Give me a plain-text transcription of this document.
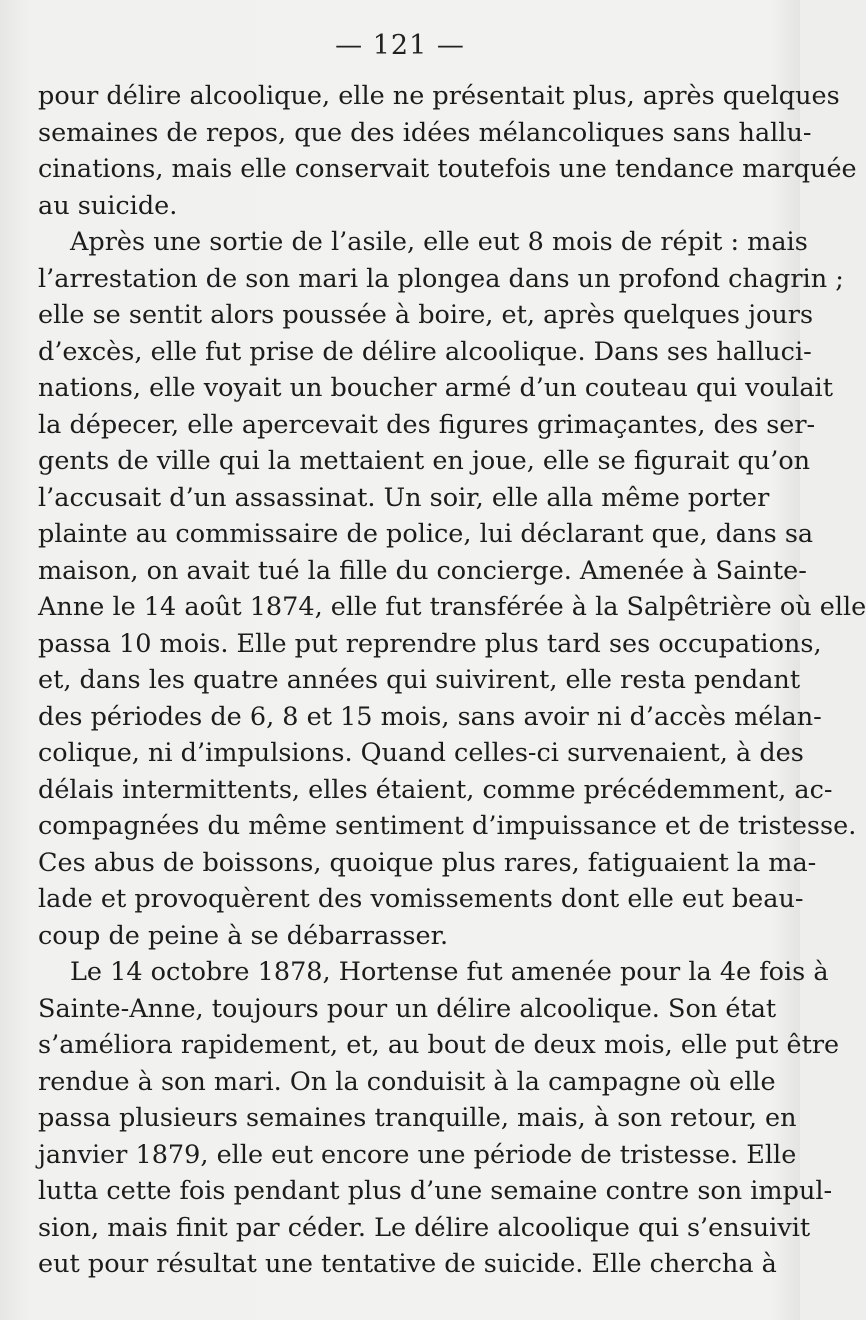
— 121 —
pour délire alcoolique, elle ne présentait plus, après quelques
semaines de repos, que des idées mélancoliques sans hallu-
cinations, mais elle conservait toutefois une tendance marquée
au suicide.
Après une sortie de l’asile, elle eut 8 mois de répit : mais
l’arrestation de son mari la plongea dans un profond chagrin ;
elle se sentit alors poussée à boire, et, après quelques jours
d’excès, elle fut prise de délire alcoolique. Dans ses halluci-
nations, elle voyait un boucher armé d’un couteau qui voulait
la dépecer, elle apercevait des figures grimaçantes, des ser-
gents de ville qui la mettaient en joue, elle se figurait qu’on
l’accusait d’un assassinat. Un soir, elle alla même porter
plainte au commissaire de police, lui déclarant que, dans sa
maison, on avait tué la fille du concierge. Amenée à Sainte-
Anne le 14 août 1874, elle fut transférée à la Salpêtrière où elle
passa 10 mois. Elle put reprendre plus tard ses occupations,
et, dans les quatre années qui suivirent, elle resta pendant
des périodes de 6, 8 et 15 mois, sans avoir ni d’accès mélan-
colique, ni d’impulsions. Quand celles-ci survenaient, à des
délais intermittents, elles étaient, comme précédemment, ac-
compagnées du même sentiment d’impuissance et de tristesse.
Ces abus de boissons, quoique plus rares, fatiguaient la ma-
lade et provoquèrent des vomissements dont elle eut beau-
coup de peine à se débarrasser.
Le 14 octobre 1878, Hortense fut amenée pour la 4e fois à
Sainte-Anne, toujours pour un délire alcoolique. Son état
s’améliora rapidement, et, au bout de deux mois, elle put être
rendue à son mari. On la conduisit à la campagne où elle
passa plusieurs semaines tranquille, mais, à son retour, en
janvier 1879, elle eut encore une période de tristesse. Elle
lutta cette fois pendant plus d’une semaine contre son impul-
sion, mais finit par céder. Le délire alcoolique qui s’ensuivit
eut pour résultat une tentative de suicide. Elle chercha à
